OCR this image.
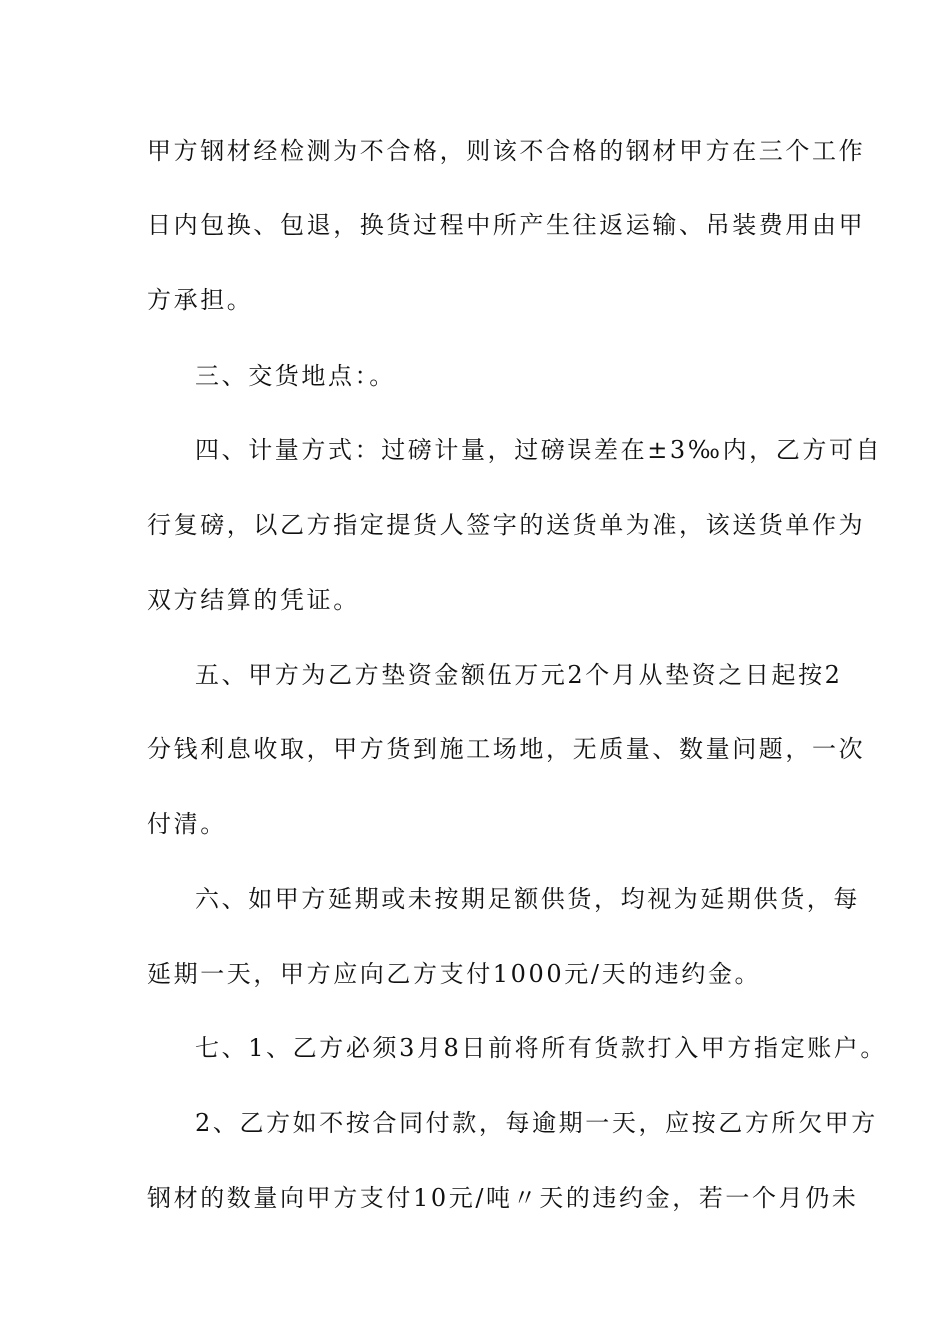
甲方钢材经检测为不合格，则该不合格的钢材甲方在三个工作
日内包换、包退，换货过程中所产生往返运输、吊装费用由甲
方承担。
三、交货地点：。
四、计量方式：过磅计量，过磅误差在±3‰内，乙方可自
行复磅，以乙方指定提货人签字的送货单为准，该送货单作为
双方结算的凭证。
五、甲方为乙方垫资金额伍万元2个月从垫资之日起按2
分钱利息收取，甲方货到施工场地，无质量、数量问题，一次
付清。
六、如甲方延期或未按期足额供货，均视为延期供货，每
延期一天，甲方应向乙方支付1000元/天的违约金。
七、1、乙方必须3月8日前将所有货款打入甲方指定账户。
2、乙方如不按合同付款，每逾期一天，应按乙方所欠甲方
钢材的数量向甲方支付10元/吨〃天的违约金，若一个月仍未
